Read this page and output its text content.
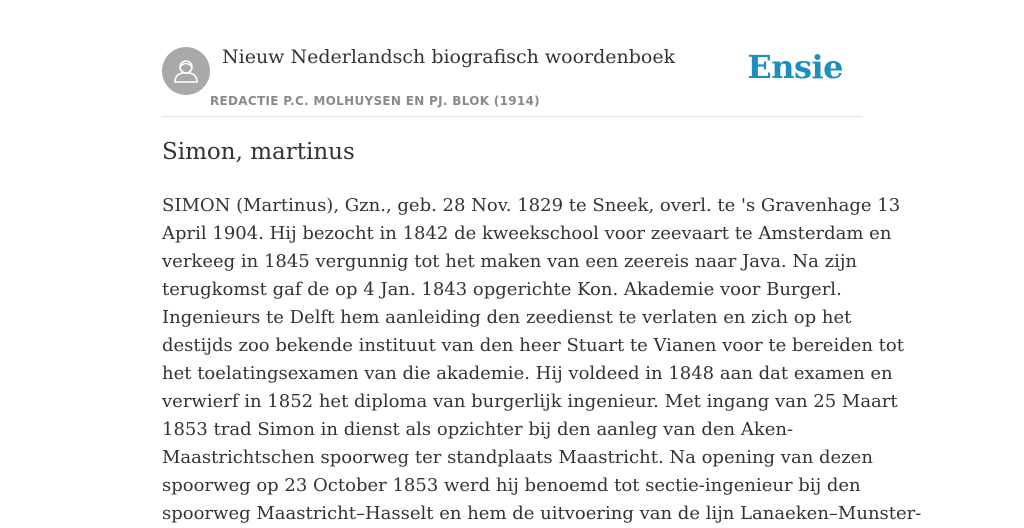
Nieuw Nederlandsch biografisch woordenboek
REDACTIE P.C. MOLHUYSEN EN PJ. BLOK (1914)
Ensie
Simon, martinus
SIMON (Martinus), Gzn., geb. 28 Nov. 1829 te Sneek, overl. te 's Gravenhage 13
April 1904. Hij bezocht in 1842 de kweekschool voor zeevaart te Amsterdam en
verkeeg in 1845 vergunnig tot het maken van een zeereis naar Java. Na zijn
terugkomst gaf de op 4 Jan. 1843 opgerichte Kon. Akademie voor Burgerl.
Ingenieurs te Delft hem aanleiding den zeedienst te verlaten en zich op het
destijds zoo bekende instituut van den heer Stuart te Vianen voor te bereiden tot
het toelatingsexamen van die akademie. Hij voldeed in 1848 aan dat examen en
verwierf in 1852 het diploma van burgerlijk ingenieur. Met ingang van 25 Maart
1853 trad Simon in dienst als opzichter bij den aanleg van den Aken-
Maastrichtschen spoorweg ter standplaats Maastricht. Na opening van dezen
spoorweg op 23 October 1853 werd hij benoemd tot sectie-ingenieur bij den
spoorweg Maastricht–Hasselt en hem de uitvoering van de lijn Lanaeken–Munster-
